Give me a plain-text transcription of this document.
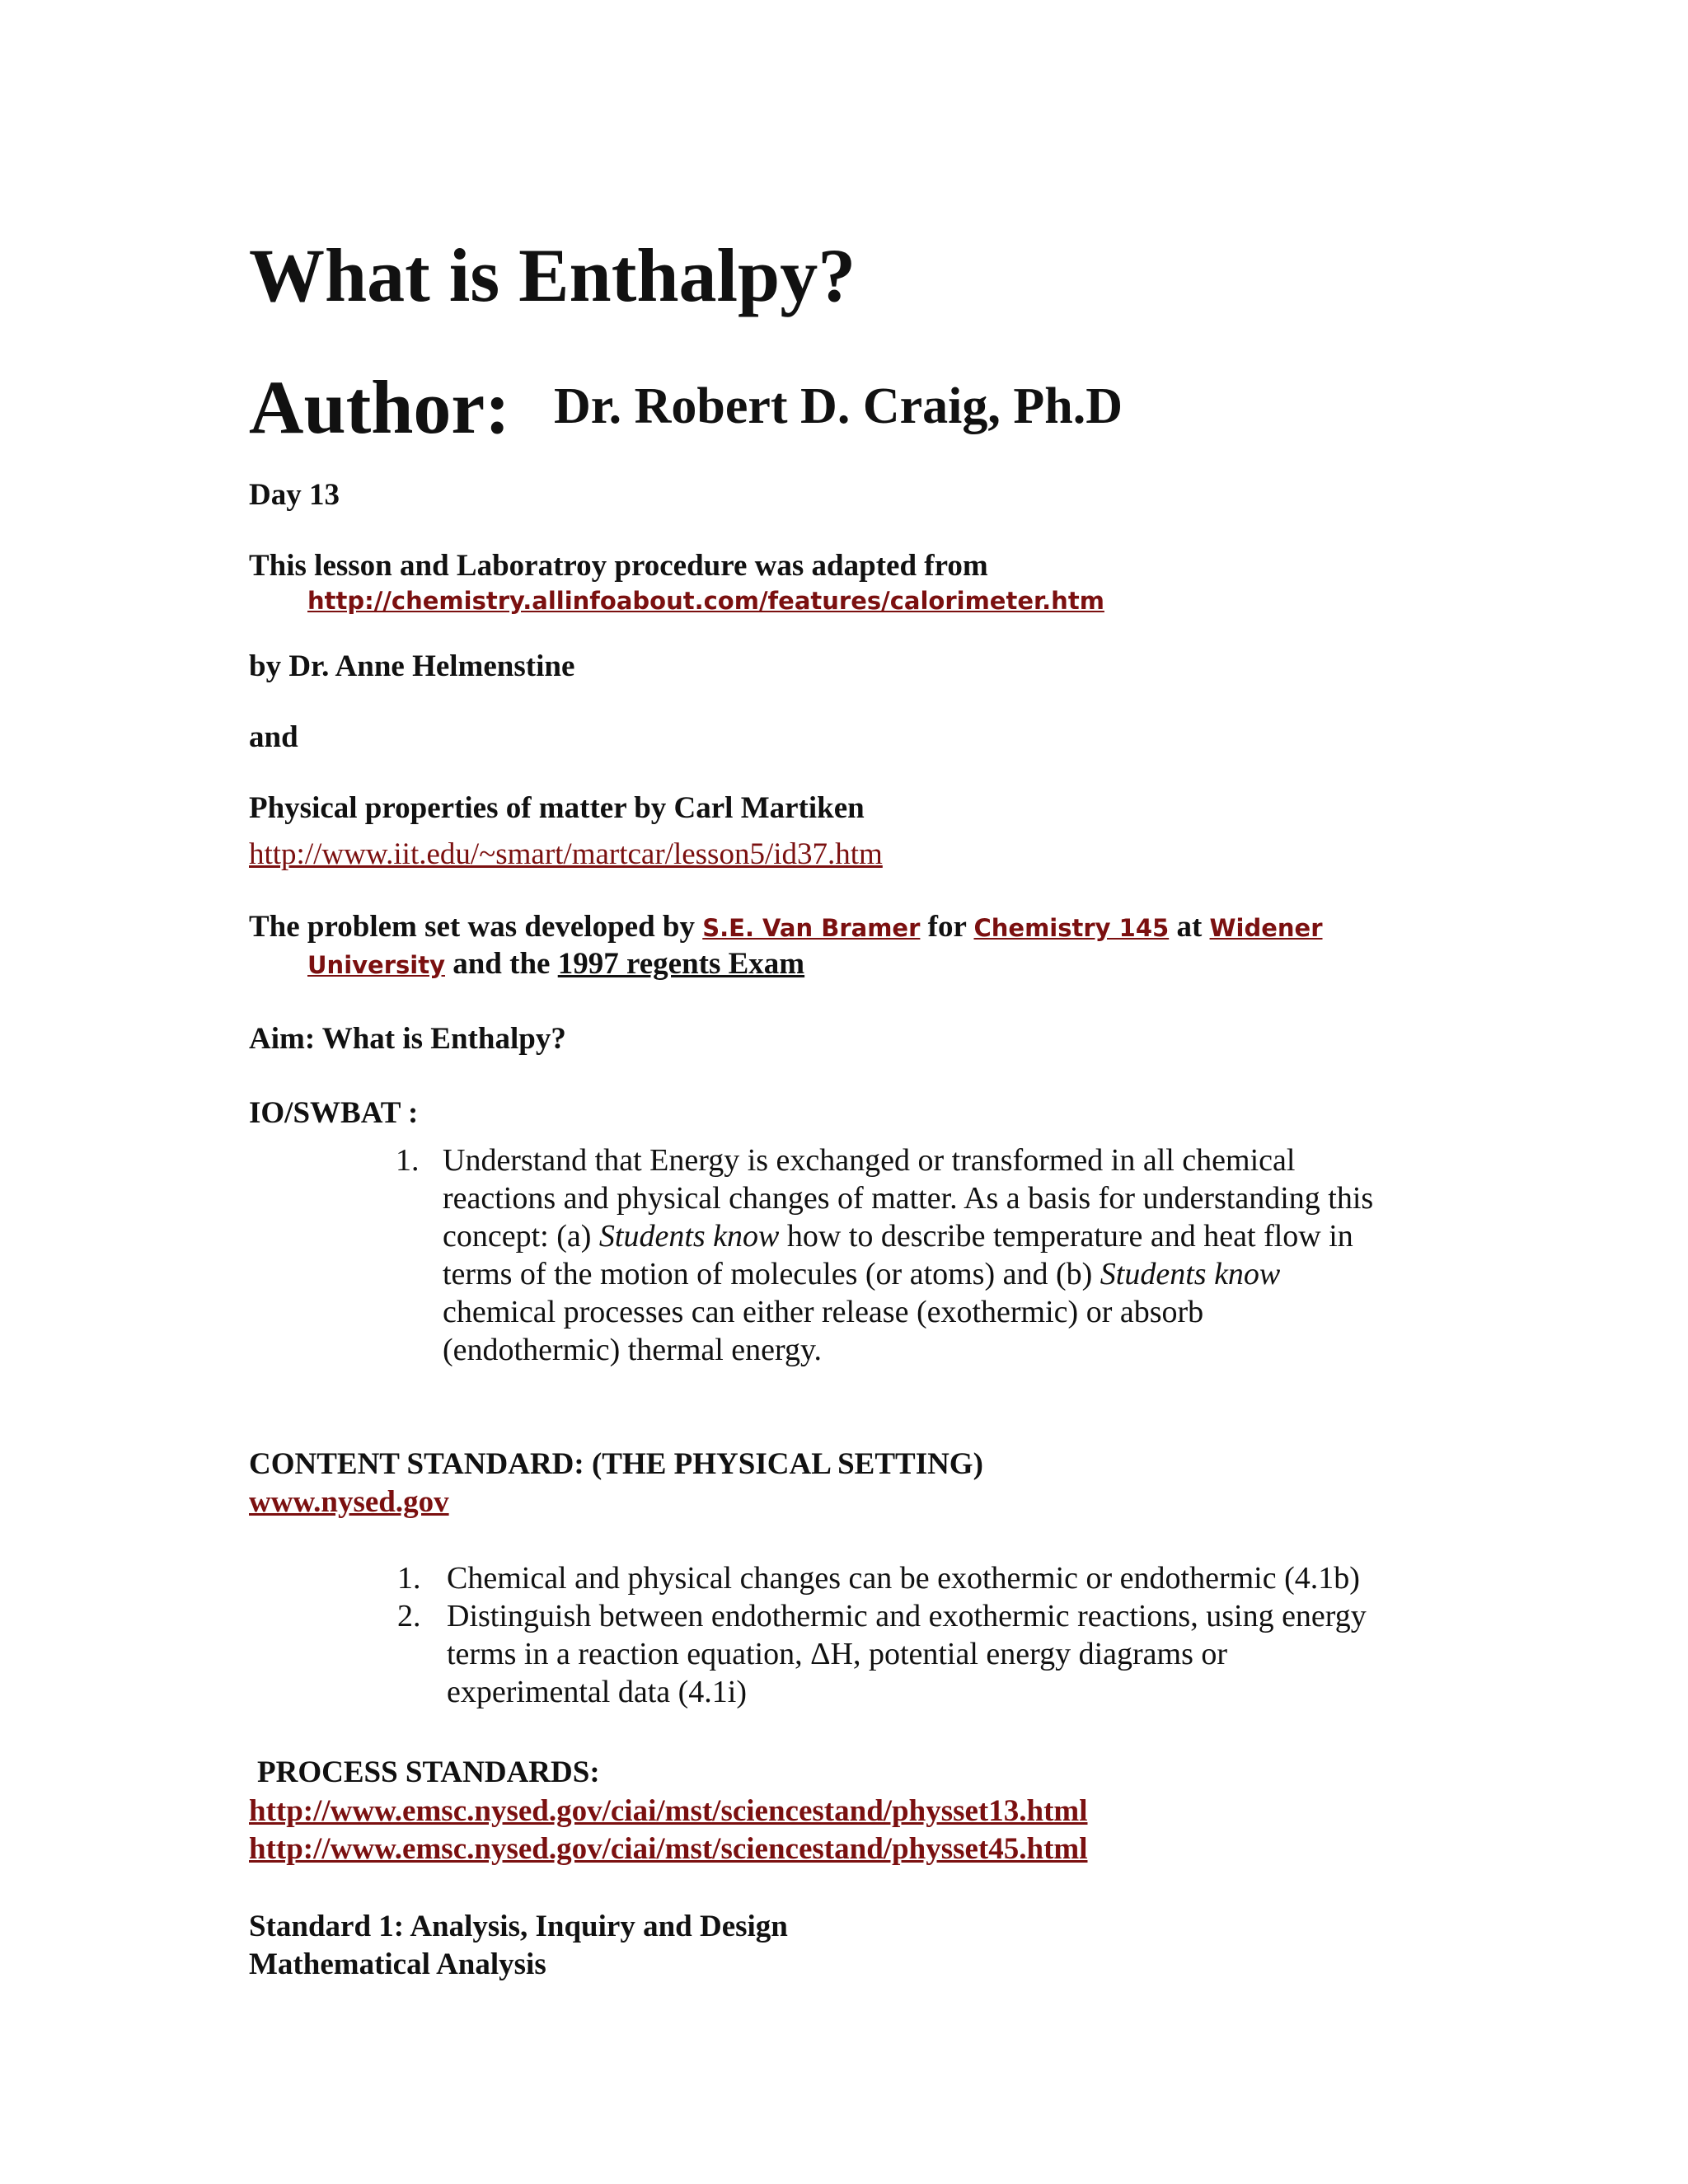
What is Enthalpy?
Author: Dr. Robert D. Craig, Ph.D
Day 13
This lesson and Laboratroy procedure was adapted from
http://chemistry.allinfoabout.com/features/calorimeter.htm
by Dr. Anne Helmenstine
and
Physical properties of matter by Carl Martiken
http://www.iit.edu/~smart/martcar/lesson5/id37.htm
The problem set was developed by S.E. Van Bramer for Chemistry 145 at Widener
University and the 1997 regents Exam
Aim: What is Enthalpy?
IO/SWBAT :
1. Understand that Energy is exchanged or transformed in all chemical
reactions and physical changes of matter. As a basis for understanding this
concept: (a) Students know how to describe temperature and heat flow in
terms of the motion of molecules (or atoms) and (b) Students know
chemical processes can either release (exothermic) or absorb
(endothermic) thermal energy.
CONTENT STANDARD: (THE PHYSICAL SETTING)
www.nysed.gov
1. Chemical and physical changes can be exothermic or endothermic (4.1b)
2. Distinguish between endothermic and exothermic reactions, using energy
terms in a reaction equation, ΔH, potential energy diagrams or
experimental data (4.1i)
PROCESS STANDARDS:
http://www.emsc.nysed.gov/ciai/mst/sciencestand/physset13.html
http://www.emsc.nysed.gov/ciai/mst/sciencestand/physset45.html
Standard 1: Analysis, Inquiry and Design
Mathematical Analysis
